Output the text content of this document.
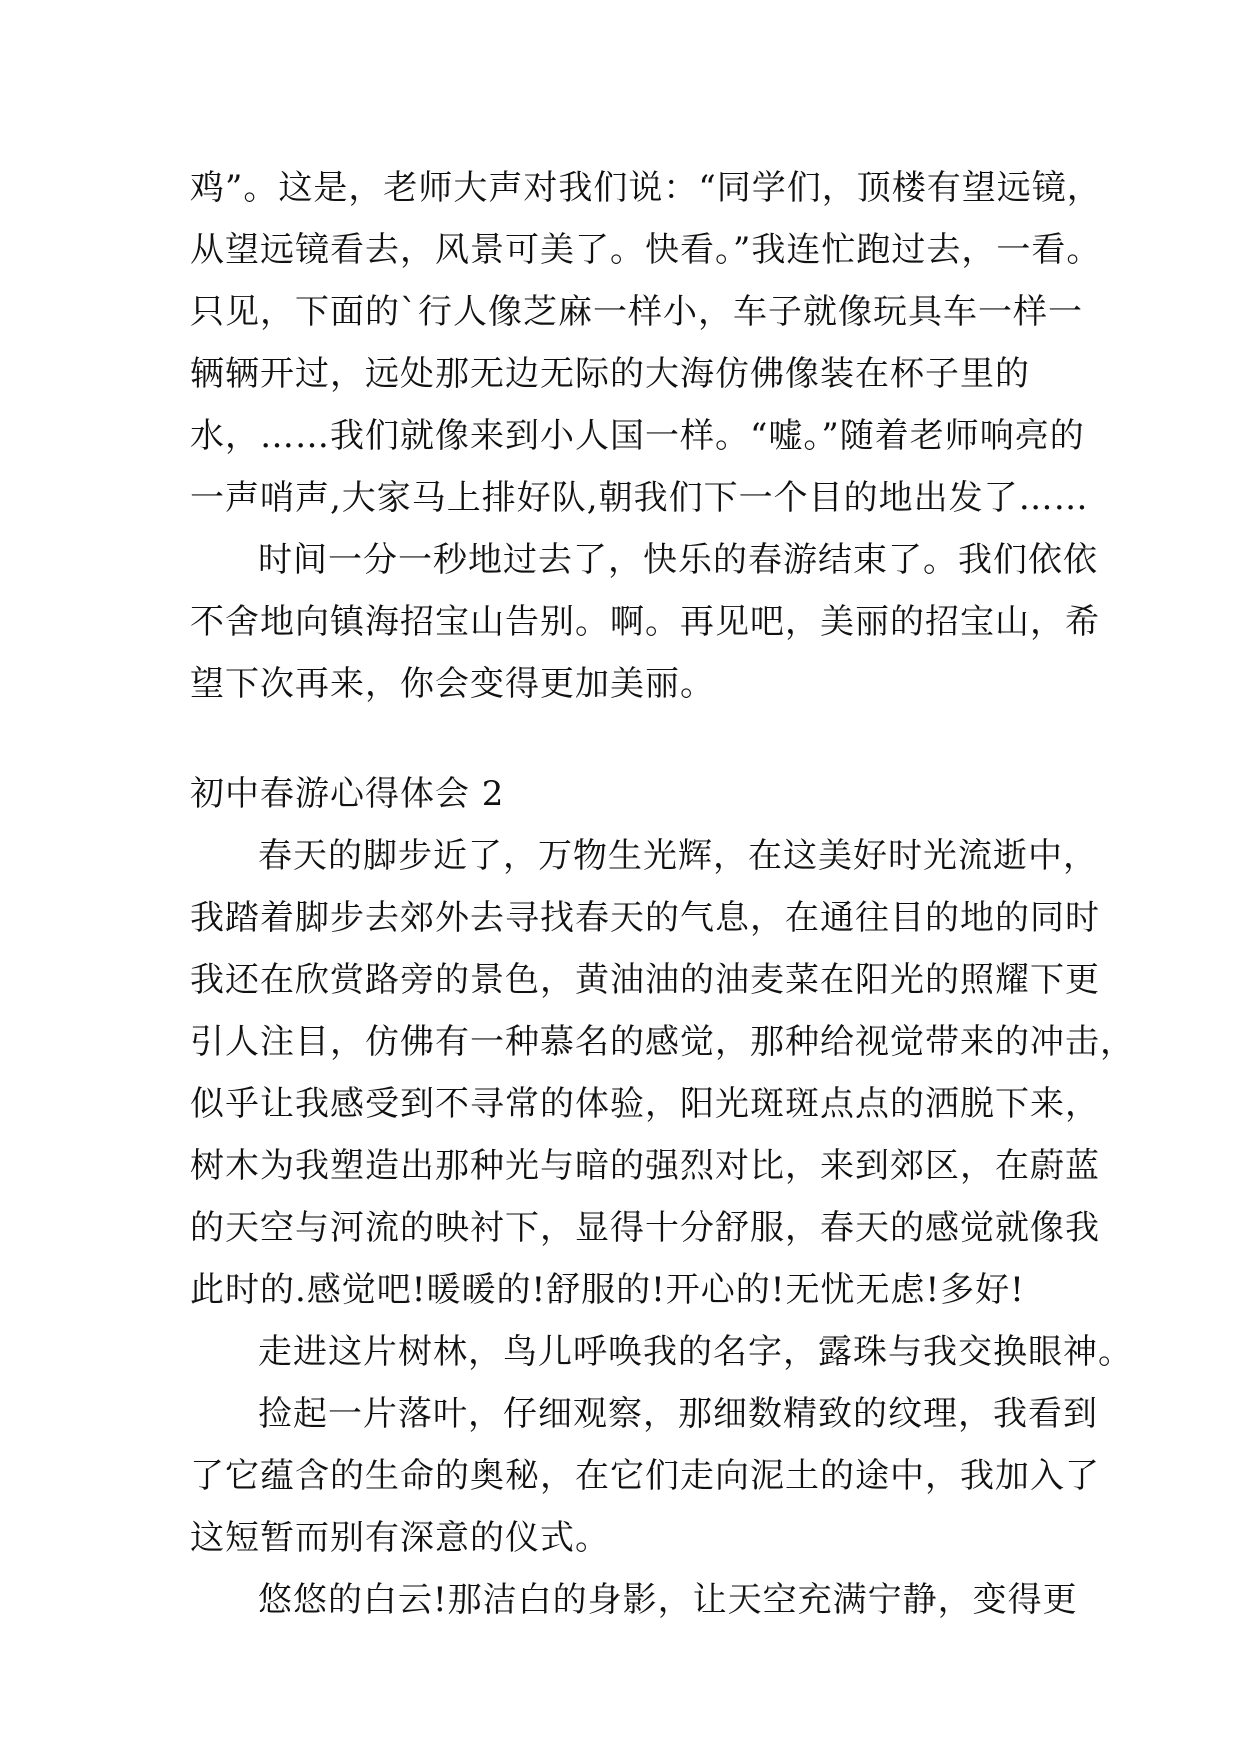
鸡”。这是，老师大声对我们说：“同学们，顶楼有望远镜，
从望远镜看去，风景可美了。快看。”我连忙跑过去，一看。
只见，下面的`行人像芝麻一样小，车子就像玩具车一样一
辆辆开过，远处那无边无际的大海仿佛像装在杯子里的
水，……我们就像来到小人国一样。“嘘。”随着老师响亮的
一声哨声,大家马上排好队,朝我们下一个目的地出发了……
时间一分一秒地过去了，快乐的春游结束了。我们依依
不舍地向镇海招宝山告别。啊。再见吧，美丽的招宝山，希
望下次再来，你会变得更加美丽。
初中春游心得体会 2
春天的脚步近了，万物生光辉，在这美好时光流逝中，
我踏着脚步去郊外去寻找春天的气息，在通往目的地的同时
我还在欣赏路旁的景色，黄油油的油麦菜在阳光的照耀下更
引人注目，仿佛有一种慕名的感觉，那种给视觉带来的冲击，
似乎让我感受到不寻常的体验，阳光斑斑点点的洒脱下来，
树木为我塑造出那种光与暗的强烈对比，来到郊区，在蔚蓝
的天空与河流的映衬下，显得十分舒服，春天的感觉就像我
此时的.感觉吧!暖暖的!舒服的!开心的!无忧无虑!多好!
走进这片树林，鸟儿呼唤我的名字，露珠与我交换眼神。
捡起一片落叶，仔细观察，那细数精致的纹理，我看到
了它蕴含的生命的奥秘，在它们走向泥土的途中，我加入了
这短暂而别有深意的仪式。
悠悠的白云!那洁白的身影，让天空充满宁静，变得更
